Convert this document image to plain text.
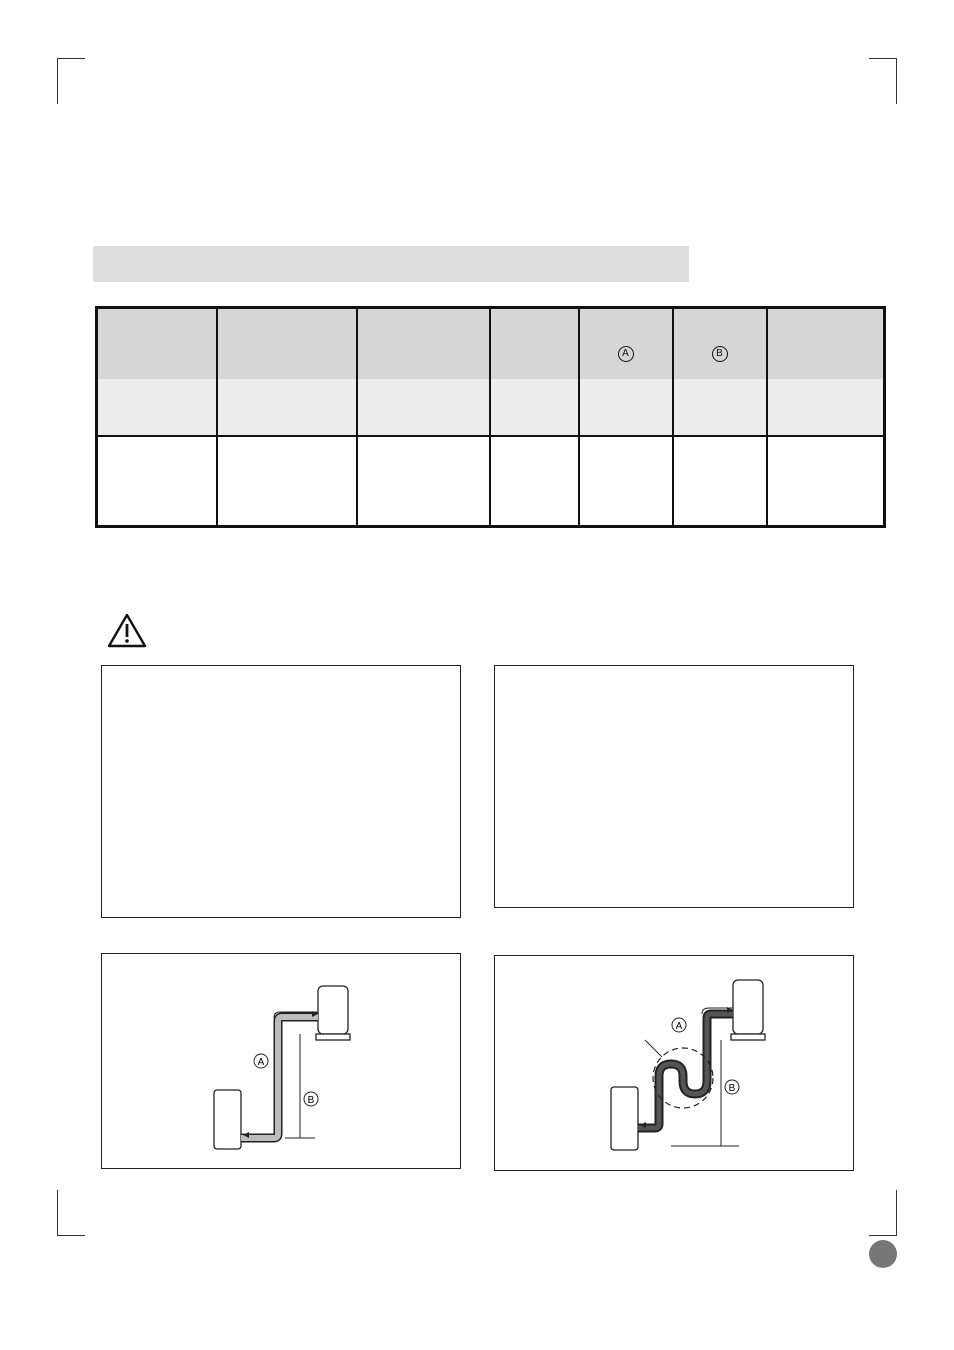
				A	B	

A
B
A
B
